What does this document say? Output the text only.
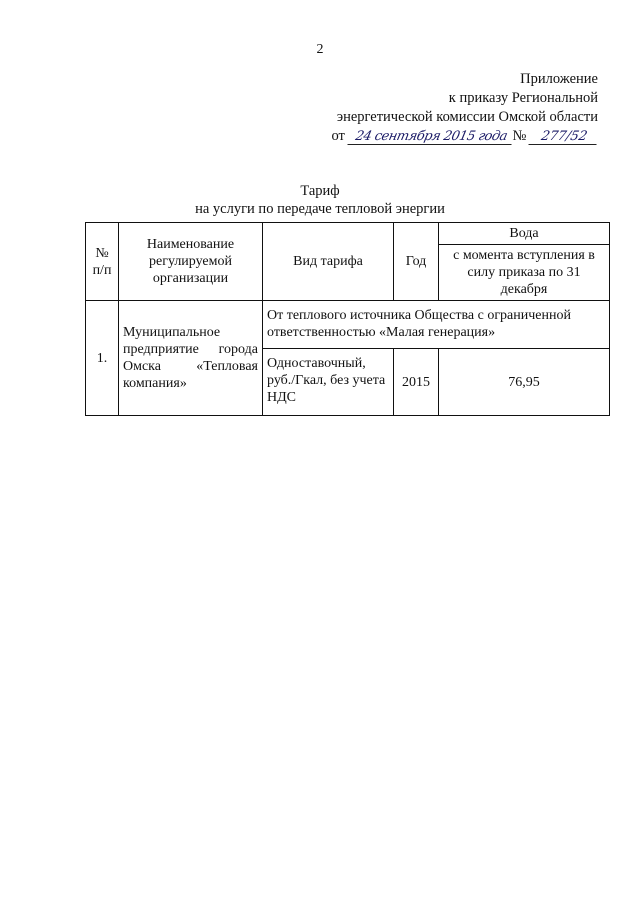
2
Приложение
к приказу Региональной
энергетической комиссии Омской области
от 24 сентября 2015 года № 277/52
Тариф
на услуги по передаче тепловой энергии
№ п/п	Наименование регулируемой организации	Вид тарифа	Год	Вода
				с момента вступления в силу приказа по 31 декабря
1.	Муниципальное предприятие города Омска «Тепловая компания»	От теплового источника Общества с ограниченной ответственностью «Малая генерация»		
		Одноставочный, руб./Гкал, без учета НДС	2015	76,95
